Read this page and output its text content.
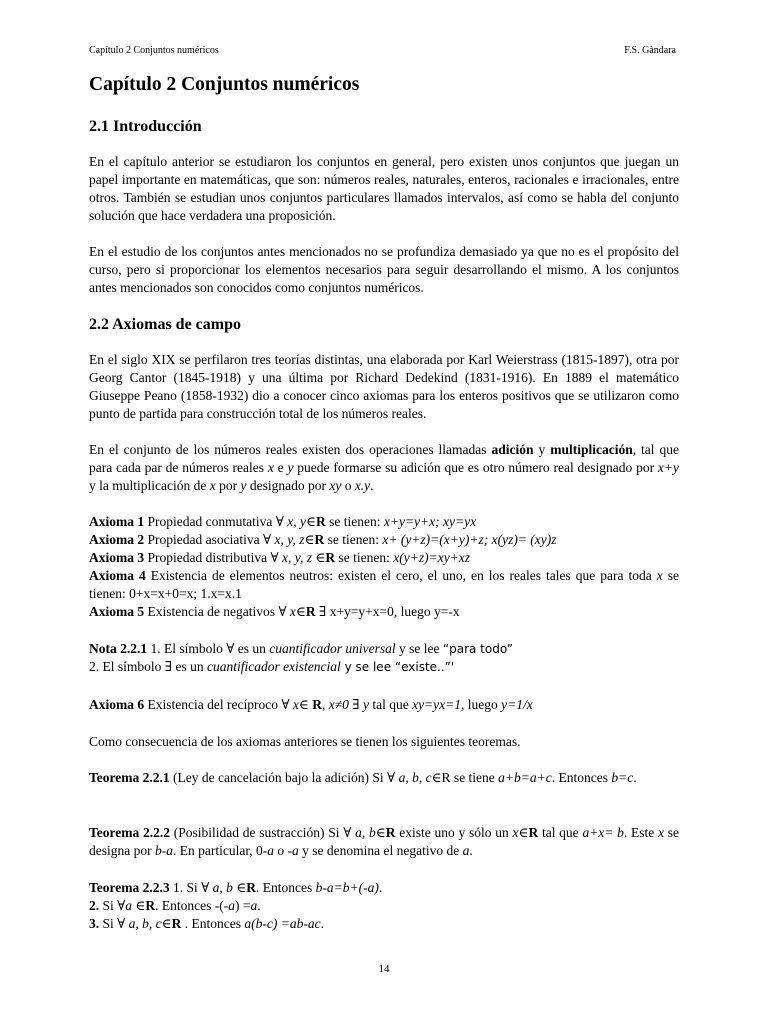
Capítulo 2 Conjuntos numéricos	F.S. Gàndara
Capítulo 2 Conjuntos numéricos
2.1 Introducción

En el capítulo anterior se estudiaron los conjuntos en general, pero existen unos conjuntos que juegan un papel importante en matemáticas, que son: números reales, naturales, enteros, racionales e irracionales, entre otros. También se estudian unos conjuntos particulares llamados intervalos, así como se habla del conjunto solución que hace verdadera una proposición.

En el estudio de los conjuntos antes mencionados no se profundiza demasiado ya que no es el propósito del curso, pero si proporcionar los elementos necesarios para seguir desarrollando el mismo. A los conjuntos antes mencionados son conocidos como conjuntos numéricos.

2.2 Axiomas de campo

En el siglo XIX se perfilaron tres teorías distintas, una elaborada por Karl Weierstrass (1815-1897), otra por Georg Cantor (1845-1918) y una última por Richard Dedekind (1831-1916). En 1889 el matemático Giuseppe Peano (1858-1932) dio a conocer cinco axiomas para los enteros positivos que se utilizaron como punto de partida para construcción total de los números reales.

En el conjunto de los números reales existen dos operaciones llamadas adición y multiplicación, tal que para cada par de números reales x e y puede formarse su adición que es otro número real designado por x+y y la multiplicación de x por y designado por xy o x.y.

Axioma 1 Propiedad conmutativa ∀ x, y∈R se tienen: x+y=y+x; xy=yx

Axioma 2 Propiedad asociativa ∀ x, y, z∈R se tienen: x+ (y+z)=(x+y)+z; x(yz)= (xy)z

Axioma 3 Propiedad distributiva ∀ x, y, z ∈R se tienen: x(y+z)=xy+xz

Axioma 4 Existencia de elementos neutros: existen el cero, el uno, en los reales tales que para toda x se tienen: 0+x=x+0=x; 1.x=x.1

Axioma 5 Existencia de negativos ∀ x∈R ∃ x+y=y+x=0, luego y=-x

Nota 2.2.1 1. El símbolo ∀ es un cuantificador universal y se lee “para todo”

2. El símbolo ∃ es un cuantificador existencial y se lee “existe..”'

Axioma 6 Existencia del recíproco ∀ x∈ R, x≠0 ∃ y tal que xy=yx=1, luego y=1/x

Como consecuencia de los axiomas anteriores se tienen los siguientes teoremas.

Teorema 2.2.1 (Ley de cancelación bajo la adición) Si ∀ a, b, c∈R se tiene a+b=a+c. Entonces b=c.

Teorema 2.2.2 (Posibilidad de sustracción) Si ∀ a, b∈R existe uno y sólo un x∈R tal que a+x= b. Este x se designa por b-a. En particular, 0-a o -a y se denomina el negativo de a.

Teorema 2.2.3 1. Si ∀ a, b ∈R. Entonces b-a=b+(-a).

2. Si ∀a ∈R. Entonces -(-a) =a.

3. Si ∀ a, b, c∈R . Entonces a(b-c) =ab-ac.

14
